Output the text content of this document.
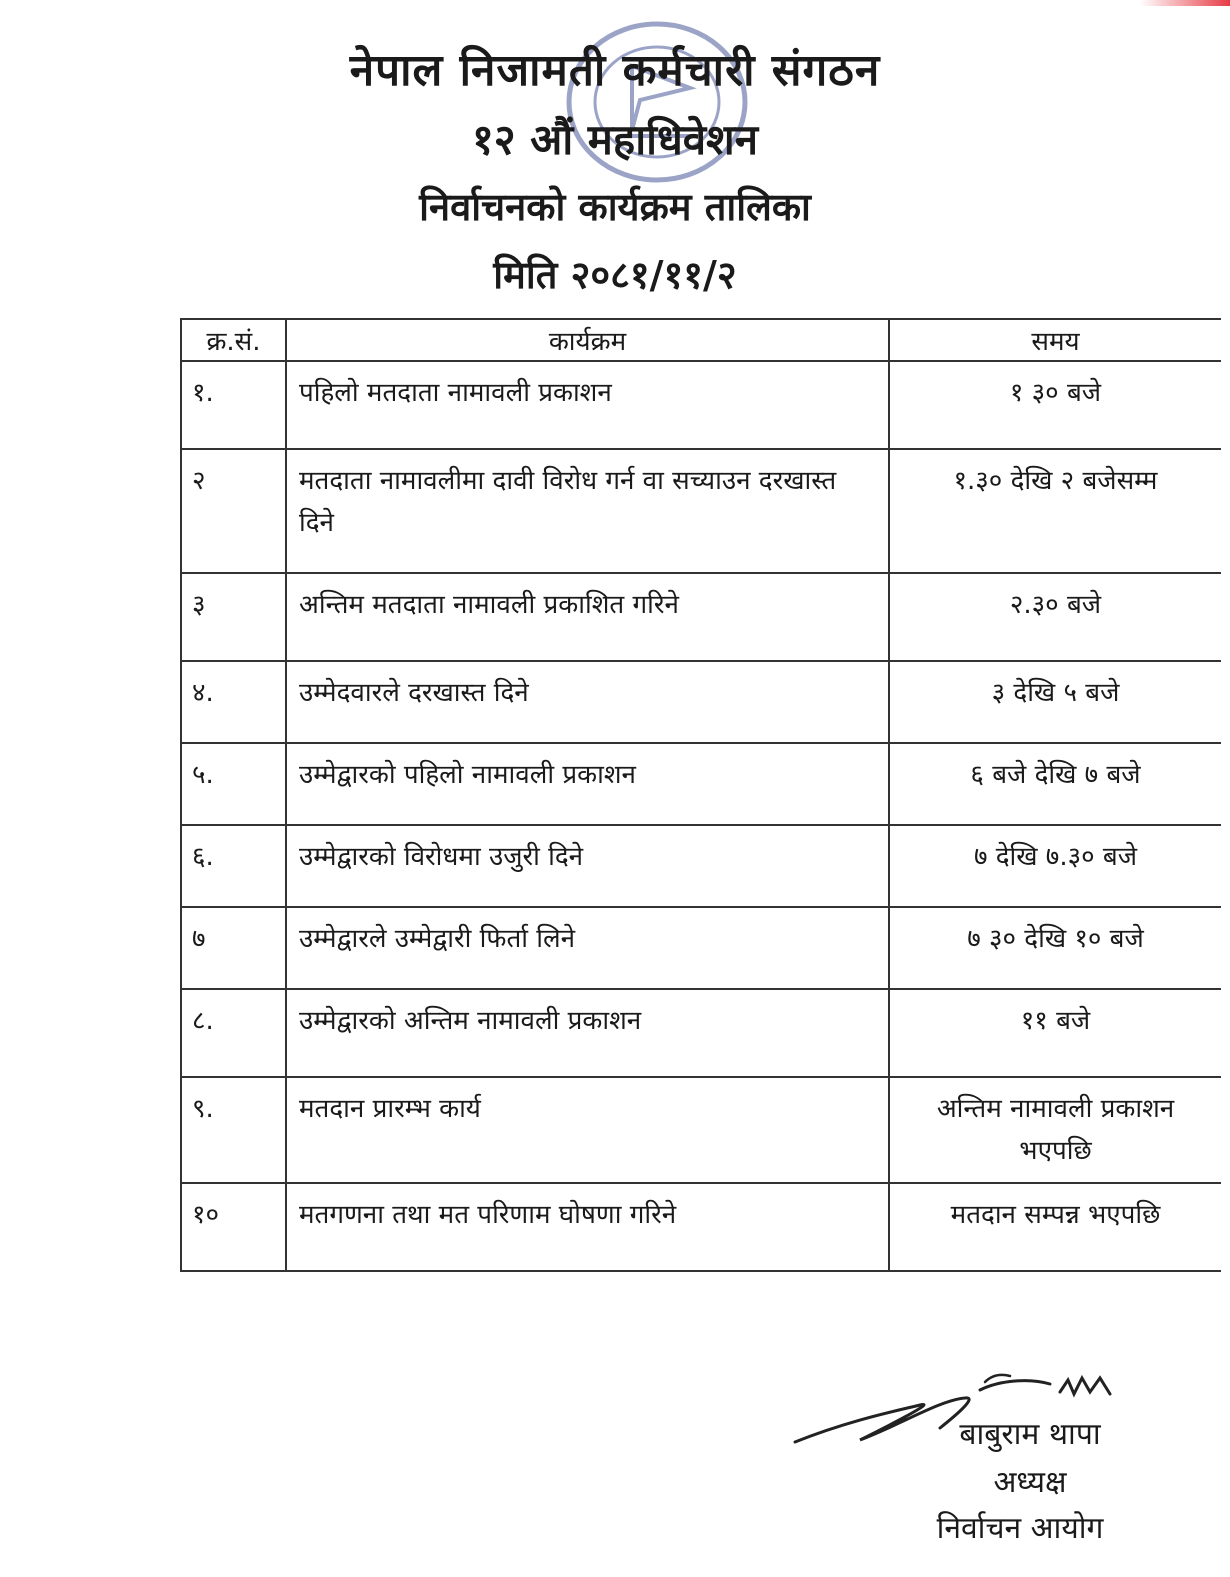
नेपाल निजामती कर्मचारी संगठन
१२ औं महाधिवेशन
निर्वाचनको कार्यक्रम तालिका
मिति २०८१/११/२
क्र.सं.	कार्यक्रम	समय
१.	पहिलो मतदाता नामावली प्रकाशन	१ ३० बजे
२	मतदाता नामावलीमा दावी विरोध गर्न वा सच्याउन दरखास्त दिने	१.३० देखि २ बजेसम्म
३	अन्तिम मतदाता नामावली प्रकाशित गरिने	२.३० बजे
४.	उम्मेदवारले दरखास्त दिने	३ देखि ५ बजे
५.	उम्मेद्वारको पहिलो नामावली प्रकाशन	६ बजे देखि ७ बजे
६.	उम्मेद्वारको विरोधमा उजुरी दिने	७ देखि ७.३० बजे
७	उम्मेद्वारले उम्मेद्वारी फिर्ता लिने	७ ३० देखि १० बजे
८.	उम्मेद्वारको अन्तिम नामावली प्रकाशन	११ बजे
९.	मतदान प्रारम्भ कार्य	अन्तिम नामावली प्रकाशन भएपछि
१०	मतगणना तथा मत परिणाम घोषणा गरिने	मतदान सम्पन्न भएपछि
बाबुराम थापा
अध्यक्ष
निर्वाचन आयोग
